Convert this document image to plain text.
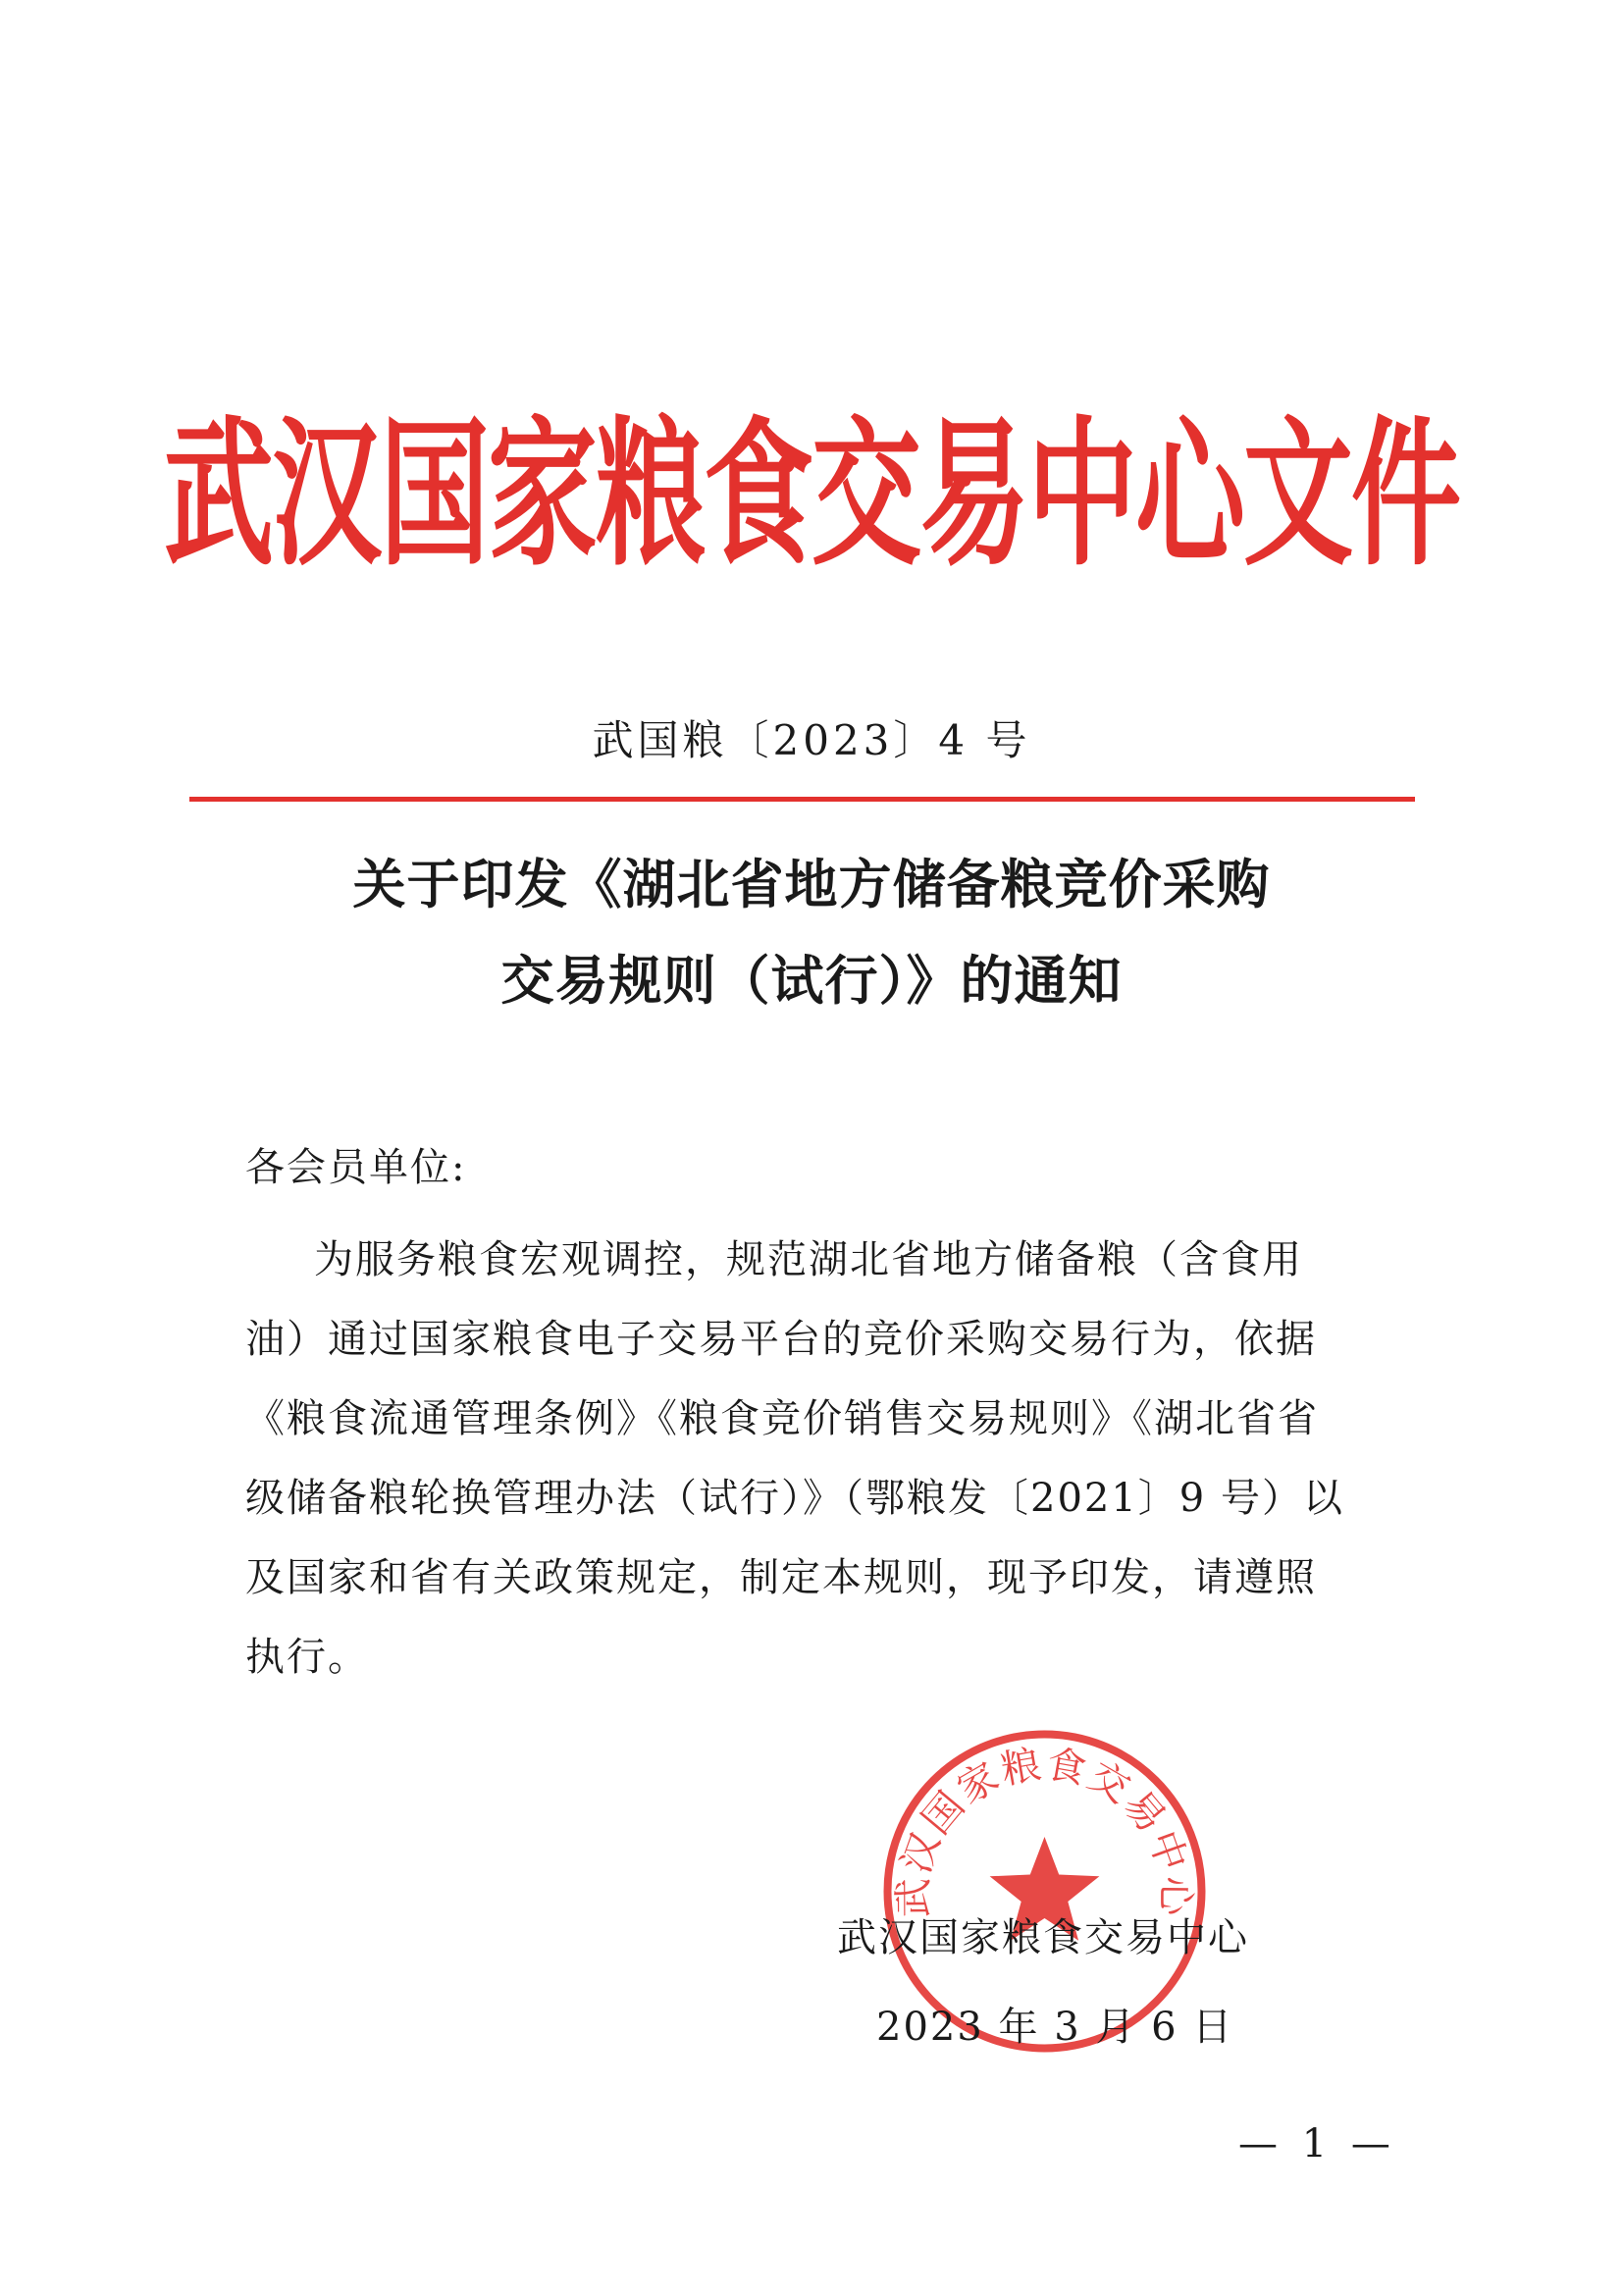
武汉国家粮食交易中心文件
武国粮〔2023〕4 号
关于印发《湖北省地方储备粮竞价采购
交易规则（试行）》的通知
各会员单位:
为服务粮食宏观调控，规范湖北省地方储备粮（含食用
油）通过国家粮食电子交易平台的竞价采购交易行为，依据
《粮食流通管理条例》《粮食竞价销售交易规则》《湖北省省
级储备粮轮换管理办法（试行）》（鄂粮发〔2021〕9 号）以
及国家和省有关政策规定，制定本规则，现予印发，请遵照
执行。
武汉国家粮食交易中心
武汉国家粮食交易中心
2023 年 3 月 6 日
— 1 —
